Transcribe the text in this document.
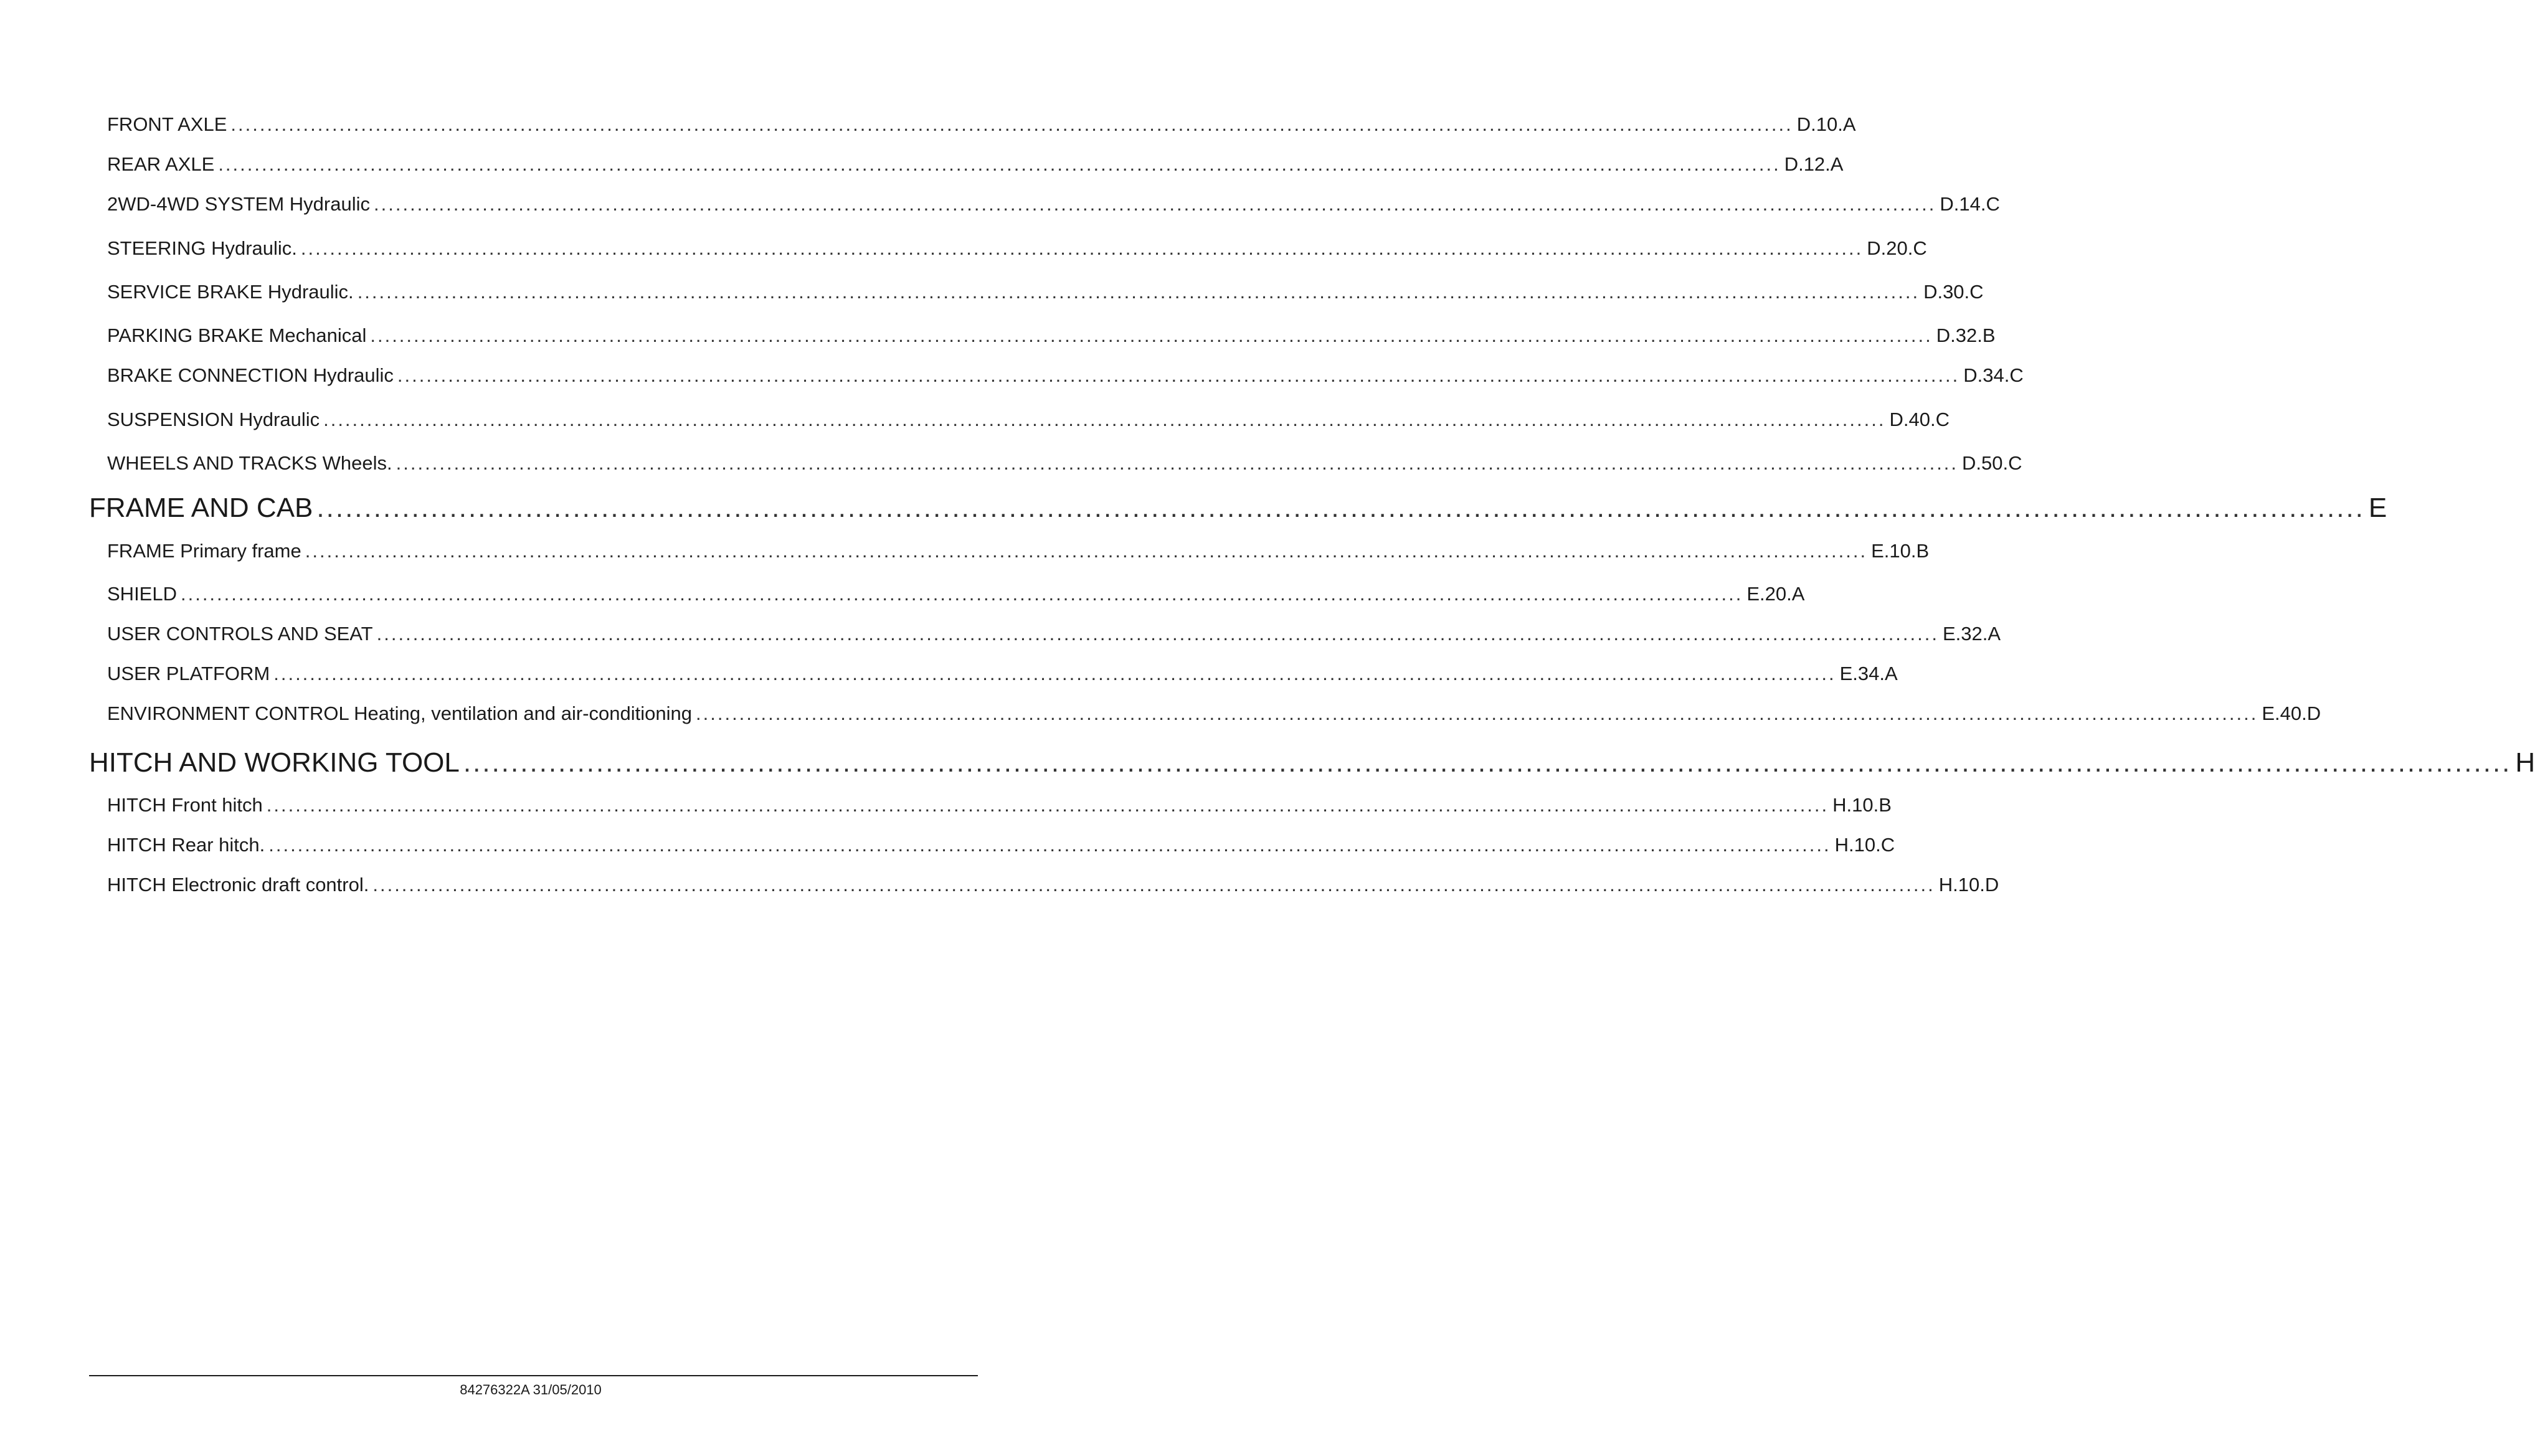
FRONT AXLE ........................................................................................................................................................................................................................ D.10.A
REAR AXLE ........................................................................................................................................................................................................................ D.12.A
2WD-4WD SYSTEM Hydraulic ........................................................................................................................................................................................................................ D.14.C
STEERING Hydraulic. ........................................................................................................................................................................................................................ D.20.C
SERVICE BRAKE Hydraulic. ........................................................................................................................................................................................................................ D.30.C
PARKING BRAKE Mechanical ........................................................................................................................................................................................................................ D.32.B
BRAKE CONNECTION Hydraulic ........................................................................................................................................................................................................................ D.34.C
SUSPENSION Hydraulic ........................................................................................................................................................................................................................ D.40.C
WHEELS AND TRACKS Wheels. ........................................................................................................................................................................................................................ D.50.C
FRAME AND CAB ........................................................................................................................................................................................................................ E
FRAME Primary frame ........................................................................................................................................................................................................................ E.10.B
SHIELD ........................................................................................................................................................................................................................ E.20.A
USER CONTROLS AND SEAT ........................................................................................................................................................................................................................ E.32.A
USER PLATFORM ........................................................................................................................................................................................................................ E.34.A
ENVIRONMENT CONTROL Heating, ventilation and air-conditioning ........................................................................................................................................................................................................................ E.40.D
HITCH AND WORKING TOOL ........................................................................................................................................................................................................................ H
HITCH Front hitch ........................................................................................................................................................................................................................ H.10.B
HITCH Rear hitch. ........................................................................................................................................................................................................................ H.10.C
HITCH Electronic draft control. ........................................................................................................................................................................................................................ H.10.D
84276322A 31/05/2010
